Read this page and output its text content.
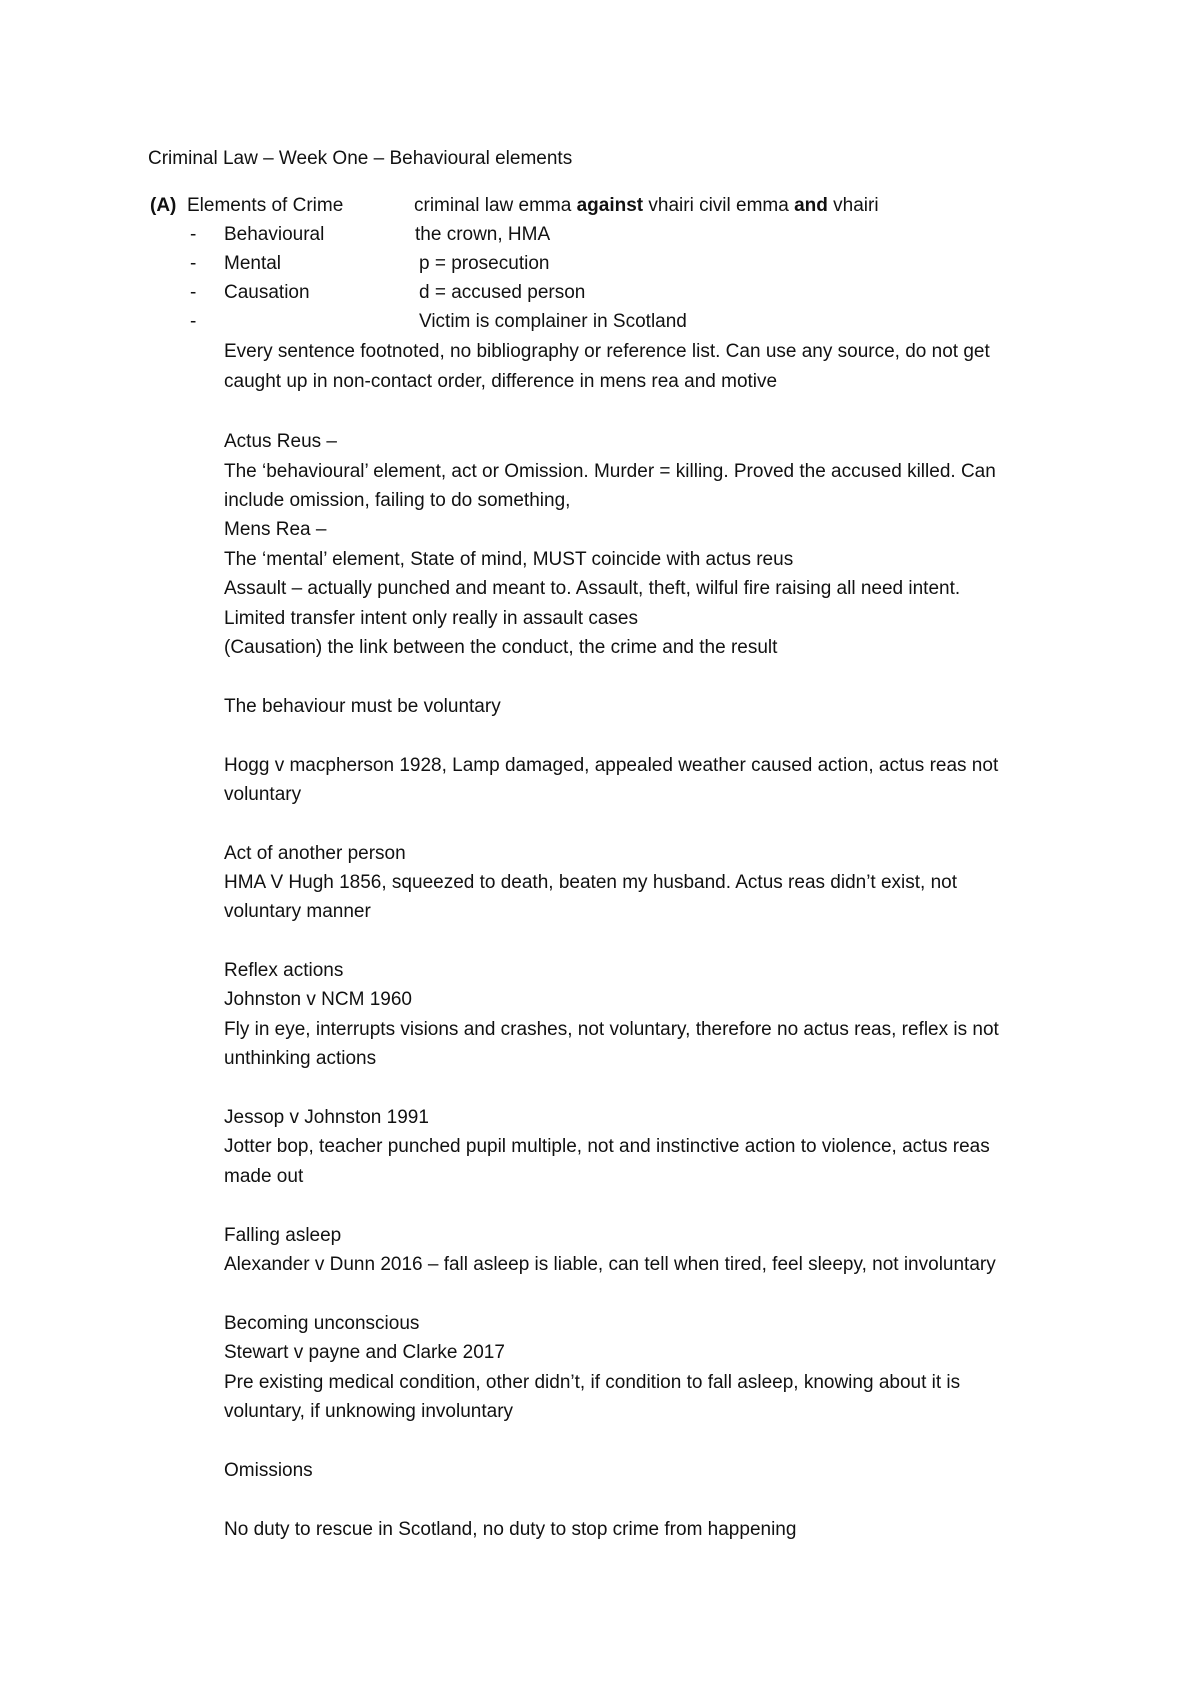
Criminal Law – Week One – Behavioural elements
(A) Elements of Crime	criminal law emma against vhairi civil emma and vhairi
- Behavioural	the crown, HMA
- Mental	p = prosecution
- Causation	d = accused person
-	Victim is complainer in Scotland
Every sentence footnoted, no bibliography or reference list. Can use any source, do not get
caught up in non-contact order, difference in mens rea and motive
Actus Reus –
The ‘behavioural’ element, act or Omission. Murder = killing. Proved the accused killed. Can
include omission, failing to do something,
Mens Rea –
The ‘mental’ element, State of mind, MUST coincide with actus reus
Assault – actually punched and meant to. Assault, theft, wilful fire raising all need intent.
Limited transfer intent only really in assault cases
(Causation) the link between the conduct, the crime and the result
The behaviour must be voluntary
Hogg v macpherson 1928, Lamp damaged, appealed weather caused action, actus reas not
voluntary
Act of another person
HMA V Hugh 1856, squeezed to death, beaten my husband. Actus reas didn’t exist, not
voluntary manner
Reflex actions
Johnston v NCM 1960
Fly in eye, interrupts visions and crashes, not voluntary, therefore no actus reas, reflex is not
unthinking actions
Jessop v Johnston 1991
Jotter bop, teacher punched pupil multiple, not and instinctive action to violence, actus reas
made out
Falling asleep
Alexander v Dunn 2016 – fall asleep is liable, can tell when tired, feel sleepy, not involuntary
Becoming unconscious
Stewart v payne and Clarke 2017
Pre existing medical condition, other didn’t, if condition to fall asleep, knowing about it is
voluntary, if unknowing involuntary
Omissions
No duty to rescue in Scotland, no duty to stop crime from happening
